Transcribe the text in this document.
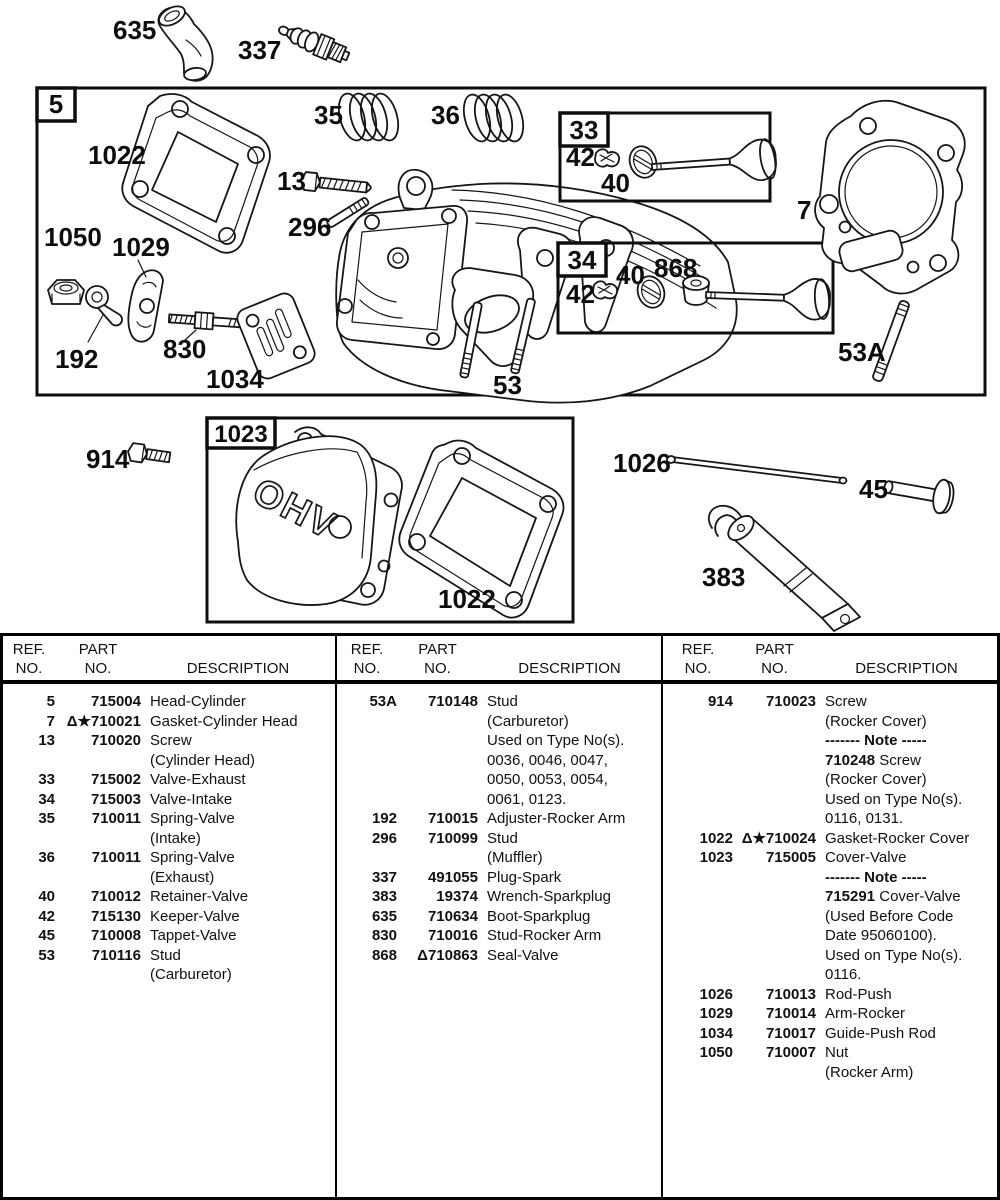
635
337
5
1022
35	36
13
296
1050
192
1029
830
1034	53
33
42
40
34
42
40 868
7
53A
914
1023
OHV
1022
1026
45
383
REF.
NO.
PART
NO.	DESCRIPTION
5	715004 Head-Cylinder
7 Δ★710021 Gasket-Cylinder Head
13	710020 Screw
(Cylinder Head)
33	715002 Valve-Exhaust
34	715003 Valve-Intake
35	710011 Spring-Valve
(Intake)
36	710011 Spring-Valve
(Exhaust)
40	710012 Retainer-Valve
42	715130 Keeper-Valve
45	710008 Tappet-Valve
53	710116 Stud
(Carburetor)
REF.
NO.
PART
NO.	DESCRIPTION
53A	710148 Stud
(Carburetor)
Used on Type No(s).
0036, 0046, 0047,
0050, 0053, 0054,
0061, 0123.
192	710015 Adjuster-Rocker Arm
296	710099 Stud
(Muffler)
337	491055 Plug-Spark
383	19374 Wrench-Sparkplug
635	710634 Boot-Sparkplug
830	710016 Stud-Rocker Arm
868	Δ710863 Seal-Valve
REF.
NO.
PART
NO.	DESCRIPTION
914	710023 Screw
(Rocker Cover)
------- Note -----
710248 Screw
(Rocker Cover)
Used on Type No(s).
0116, 0131.
1022 Δ★710024 Gasket-Rocker Cover
1023	715005 Cover-Valve
------- Note -----
715291 Cover-Valve
(Used Before Code
Date 95060100).
Used on Type No(s).
0116.
1026	710013 Rod-Push
1029	710014 Arm-Rocker
1034	710017 Guide-Push Rod
1050	710007 Nut
(Rocker Arm)
